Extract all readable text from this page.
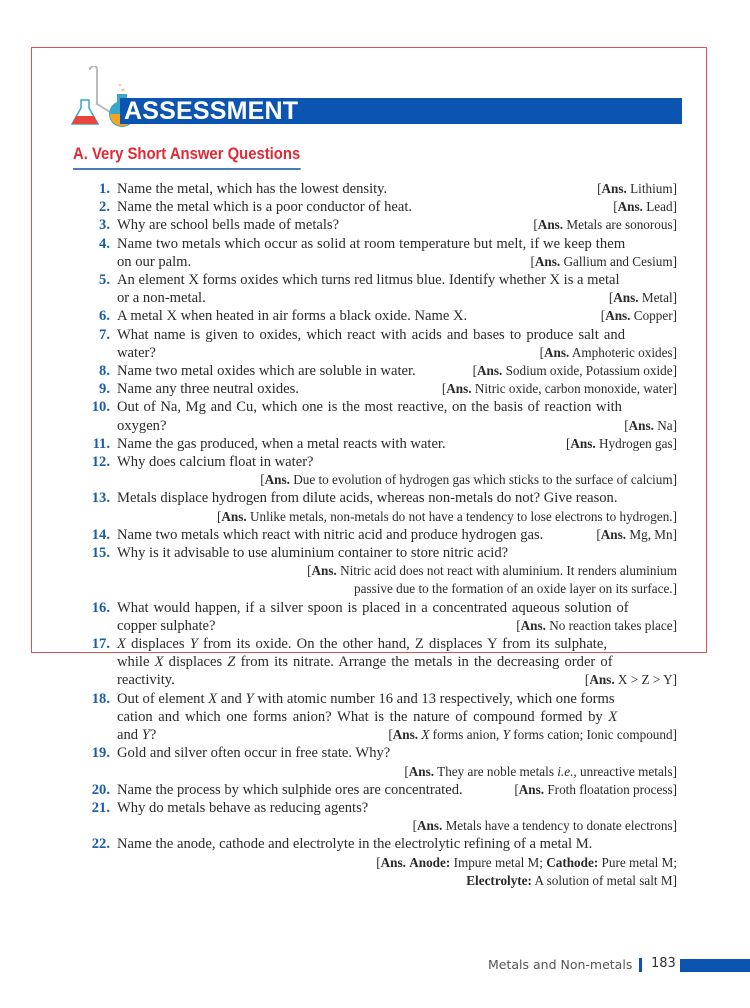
ASSESSMENT
A. Very Short Answer Questions
1. Name the metal, which has the lowest density.	[Ans. Lithium]
2. Name the metal which is a poor conductor of heat.	[Ans. Lead]
3. Why are school bells made of metals?	[Ans. Metals are sonorous]
4. Name two metals which occur as solid at room temperature but melt, if we keep them
on our palm.	[Ans. Gallium and Cesium]
5. An element X forms oxides which turns red litmus blue. Identify whether X is a metal
or a non-metal.	[Ans. Metal]
6. A metal X when heated in air forms a black oxide. Name X.	[Ans. Copper]
7. What name is given to oxides, which react with acids and bases to produce salt and
water?	[Ans. Amphoteric oxides]
8. Name two metal oxides which are soluble in water.	[Ans. Sodium oxide, Potassium oxide]
9. Name any three neutral oxides.	[Ans. Nitric oxide, carbon monoxide, water]
10. Out of Na, Mg and Cu, which one is the most reactive, on the basis of reaction with
oxygen?	[Ans. Na]
11. Name the gas produced, when a metal reacts with water.	[Ans. Hydrogen gas]
12. Why does calcium float in water?
[Ans. Due to evolution of hydrogen gas which sticks to the surface of calcium]
13. Metals displace hydrogen from dilute acids, whereas non-metals do not? Give reason.
[Ans. Unlike metals, non-metals do not have a tendency to lose electrons to hydrogen.]
14. Name two metals which react with nitric acid and produce hydrogen gas.	[Ans. Mg, Mn]
15. Why is it advisable to use aluminium container to store nitric acid?
[Ans. Nitric acid does not react with aluminium. It renders aluminium
passive due to the formation of an oxide layer on its surface.]
16. What would happen, if a silver spoon is placed in a concentrated aqueous solution of
copper sulphate?	[Ans. No reaction takes place]
17. X displaces Y from its oxide. On the other hand, Z displaces Y from its sulphate,
while X displaces Z from its nitrate. Arrange the metals in the decreasing order of
reactivity.	[Ans. X > Z > Y]
18. Out of element X and Y with atomic number 16 and 13 respectively, which one forms
cation and which one forms anion? What is the nature of compound formed by X
and Y?	[Ans. X forms anion, Y forms cation; Ionic compound]
19. Gold and silver often occur in free state. Why?
[Ans. They are noble metals i.e., unreactive metals]
20. Name the process by which sulphide ores are concentrated.	[Ans. Froth floatation process]
21. Why do metals behave as reducing agents?
[Ans. Metals have a tendency to donate electrons]
22. Name the anode, cathode and electrolyte in the electrolytic refining of a metal M.
[Ans. Anode: Impure metal M; Cathode: Pure metal M;
Electrolyte: A solution of metal salt M]
Metals and Non-metals 183
